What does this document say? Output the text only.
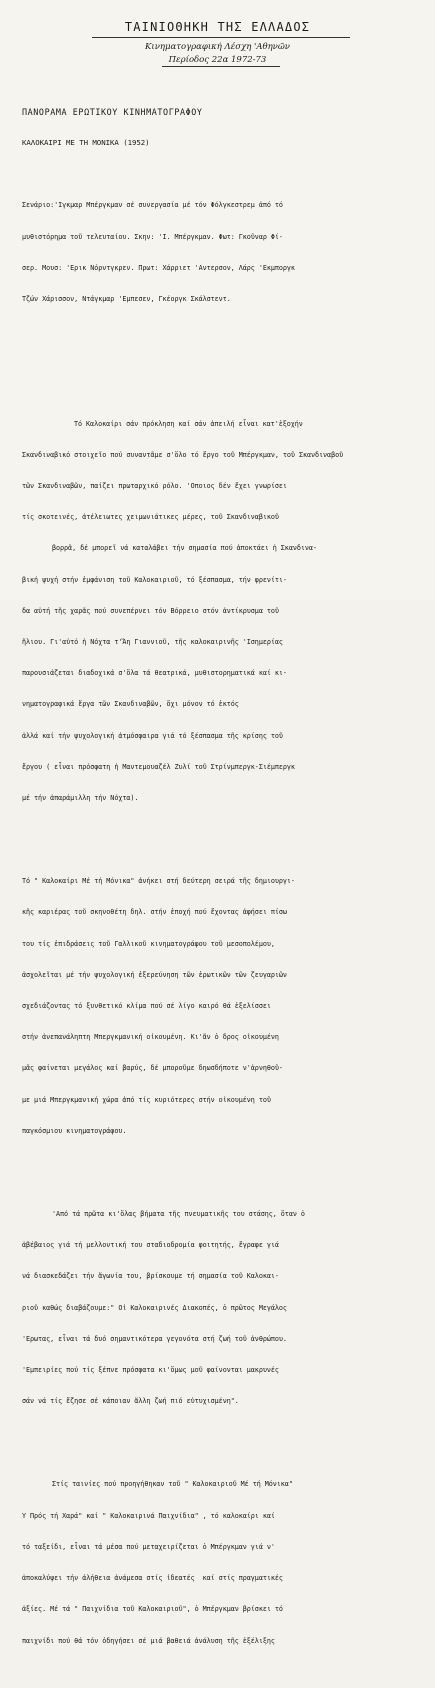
ΤΑΙΝΙΟΘΗΚΗ ΤΗΣ ΕΛΛΑΔΟΣ
Κινηματογραφική Λέσχη 'Αθηνῶν
Περίοδος 22α 1972-73

ΠΑΝΟΡΑΜΑ ΕΡΩΤΙΚΟΥ ΚΙΝΗΜΑΤΟΓΡΑΦΟΥ

ΚΑΛΟΚΑΙΡΙ ΜΕ ΤΗ ΜΟΝΙΚΑ (1952)

Σενάριο:'Ιγκμαρ Μπέργκμαν σέ συνεργασία μέ τόν Φόλγκεστρεμ ἀπό τό

μυθιστόρημα τοῦ τελευταίου. Σκην: 'Ι. Μπέργκμαν. Φωτ: Γκοῦναρ Φί-

σερ. Μουσ: 'Ερικ Νόρντγκρεν. Πρωτ: Χάρριετ 'Αντερσον, Λάρς 'Εκμποργκ

Τζών Χάρισσον, Ντάγκμαρ 'Εμπεσεν, Γκέοργκ Σκάλστεντ.

Τό Καλοκαίρι σάν πρόκληση καί σάν ἀπειλή εἶναι κατ'ἐξοχήν

Σκανδιναβικό στοιχεῖο πού συναντᾶμε σ'ὅλο τό ἔργο τοῦ Μπέργκμαν, τοῦ Σκανδιναβοῦ

τῶν Σκανδιναβῶν, παίζει πρωταρχικό ρόλο. 'Οποιος δέν ἔχει γνωρίσει

τίς σκοτεινές, ἀτέλειωτες χειμωνιάτικες μέρες, τοῦ Σκανδιναβικοῦ

βορρᾶ, δέ μπορεῖ νά καταλάβει τήν σημασία πού ἀποκτάει ἡ Σκανδινα-

βική ψυχή στήν ἐμφάνιση τοῦ Καλοκαιριοῦ, τό ξέσπασμα, τήν φρενίτι-

δα αὐτή τῆς χαρᾶς πού συνεπέρνει τόν Βόρρειο στόν ἀντίκρυσμα τοῦ

ἥλιου. Γι'αὐτό ἡ Νόχτα τ'Ἅη Γιαννιοῦ, τῆς καλοκαιρινῆς 'Ισημερίας

παρουσιάζεται διαδοχικά σ'ὅλα τά θεατρικά, μυθιστορηματικά καί κι-

νηματογραφικά ἔργα τῶν Σκανδιναβῶν, ὄχι μόνον τό ἐκτός

ἀλλά καί τήν ψυχολογική ἀτμόσφαιρα γιά τό ξέσπασμα τῆς κρίσης τοῦ

ἔργου ( εἶναι πρόσφατη ἡ Μαντεμουαζέλ Ζυλί τοῦ Στρίνμπεργκ-Σιέμπεργκ

μέ τήν ἀπαράμιλλη τήν Νόχτα).

Τό " Καλοκαίρι Μέ τή Μόνικα" ἀνήκει στή δεύτερη σειρά τῆς δημιουργι-

κῆς καριέρας τοῦ σκηνοθέτη δηλ. στήν ἐποχή πού ἔχοντας ἀφήσει πίσω

του τίς ἐπιδράσεις τοῦ Γαλλικοῦ κινηματογράφου τοῦ μεσοπολέμου,

ἀσχολεῖται μέ τήν ψυχολογική ἐξερεύνηση τῶν ἐρωτικῶν τῶν ζευγαριῶν

σχεδιάζοντας τό ξυνθετικό κλίμα πού σέ λίγο καιρό θά ἐξελίσσει

στήν ἀνεπανάληπτη Μπεργκμανική οἰκουμένη. Κι'ἄν ὁ δρος οἰκουμένη

μᾶς φαίνεται μεγάλος καί βαρύς, δέ μποροῦμε δηωσδήποτε ν'ἀρνηθοῦ-

με μιά Μπεργκμανική χώρα ἀπό τίς κυριότερες στήν οἰκουμένη τοῦ

παγκόσμιου κινηματογράφου.

'Από τά πρῶτα κι'ὅλας βήματα τῆς πνευματικῆς του στάσης, ὅταν ὁ

ἀβέβαιος γιά τή μελλοντική του σταδιοδρομία φοιτητής, ἔγραφε γιά

νά διασκεδάζει τήν ἄγωνία του, βρίσκουμε τή σημασία τοῦ Καλοκαι-

ριοῦ καθώς διαβάζουμε:" Οἱ Καλοκαιρινές Διακοπές, ὁ πρῶτος Μεγάλος

'Ερωτας, εἶναι τά δυό σημαντικότερα γεγονότα στή ζωή τοῦ ἀνθρώπου.

'Εμπειρίες πού τίς ξέπνε πρόσφατα κι'ὅμως μοῦ φαίνονται μακρυνές

σάν νά τίς ἔζησε σέ κάποιαν ἄλλη ζωή πιό εὐτυχισμένη".

Στίς ταινίες πού προηγήθηκαν τοῦ " Καλοκαιριοῦ Μέ τή Μόνικα"

Υ Πρός τή Χαρά" καί " Καλοκαιρινά Παιχνίδια" , τό καλοκαίρι καί

τό ταξείδι, εἶναι τά μέσα πού μεταχειρίζεται ὁ Μπέργκμαν γιά ν'

ἀποκαλύψει τήν ἀλήθεια ἀνάμεσα στίς ἰδεατές  καί στίς πραγματικές

ἀξίες. Μέ τά " Παιχνίδια τοῦ Καλοκαιριοῦ", ὁ Μπέργκμαν βρίσκει τό

παιχνίδι πού θά τόν ὁδηγήσει σέ μιά βαθειά ἀνάλυση τῆς ἐξέλιξης
